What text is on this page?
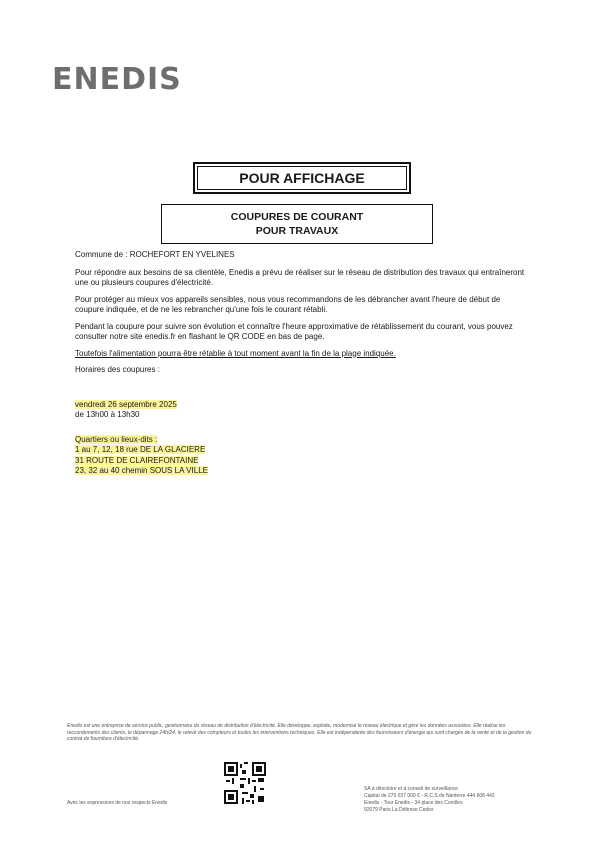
ENEDIS
POUR AFFICHAGE
COUPURES DE COURANT
POUR TRAVAUX

Commune de : ROCHEFORT EN YVELINES

Pour répondre aux besoins de sa clientèle, Enedis a prévu de réaliser sur le réseau de distribution des travaux qui entraîneront une ou plusieurs coupures d'électricité.

Pour protéger au mieux vos appareils sensibles, nous vous recommandons de les débrancher avant l'heure de début de coupure indiquée, et de ne les rebrancher qu'une fois le courant rétabli.

Pendant la coupure pour suivre son évolution et connaître l'heure approximative de rétablissement du courant, vous pouvez consulter notre site enedis.fr en flashant le QR CODE en bas de page.

Toutefois l'alimentation pourra être rétablie à tout moment avant la fin de la plage indiquée.

Horaires des coupures :

vendredi 26 septembre 2025
de 13h00 à 13h30
Quartiers ou lieux-dits :
1 au 7, 12, 18 rue DE LA GLACIERE
31 ROUTE DE CLAIREFONTAINE
23, 32 au 40 chemin SOUS LA VILLE
Enedis est une entreprise de service public, gestionnaire du réseau de distribution d'électricité. Elle développe, exploite, modernise le réseau électrique et gère les données associées. Elle réalise les raccordements des clients, le dépannage 24h/24, le relevé des compteurs et toutes les interventions techniques. Elle est indépendante des fournisseurs d'énergie qui sont chargés de la vente et de la gestion du contrat de fourniture d'électricité.
Avec les expressions de nos respects Enedis
SA à directoire et à conseil de surveillance
Capital de 270 037 000 € - R.C.S de Nanterre 444 608 442
Enedis - Tour Enedis - 34 place des Corolles
92079 Paris La Défense Cedex
